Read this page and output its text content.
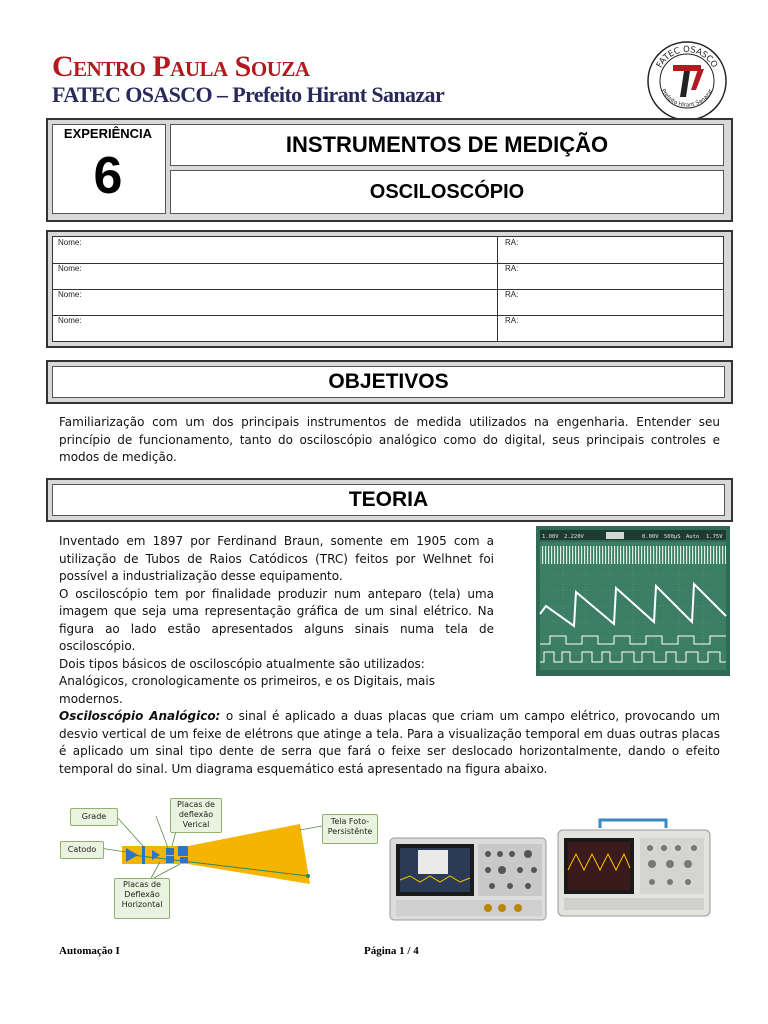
Centro Paula Souza
FATEC OSASCO – Prefeito Hirant Sanazar
FATEC OSASCO
Prefeito Hirant Sanazar
EXPERIÊNCIA
6
INSTRUMENTOS DE MEDIÇÃO
OSCILOSCÓPIO
Nome:	RA:
Nome:	RA:
Nome:	RA:
Nome:	RA:
OBJETIVOS
Familiarização com um dos principais instrumentos de medida utilizados na engenharia. Entender seu princípio de funcionamento, tanto do osciloscópio analógico como do digital, seus principais controles e modos de medição.
TEORIA
Inventado em 1897 por Ferdinand Braun, somente em 1905 com a utilização de Tubos de Raios Catódicos (TRC) feitos por Welhnet foi possível a industrialização desse equipamento.
O osciloscópio tem por finalidade produzir num anteparo (tela) uma imagem que seja uma representação gráfica de um sinal elétrico. Na figura ao lado estão apresentados alguns sinais numa tela de osciloscópio.
Dois tipos básicos de osciloscópio atualmente são utilizados: Analógicos, cronologicamente os primeiros, e os Digitais, mais modernos.
1.00V 2.220V	0.00V 500μS Auto 1.75V
Osciloscópio Analógico: o sinal é aplicado a duas placas que criam um campo elétrico, provocando um desvio vertical de um feixe de elétrons que atinge a tela. Para a visualização temporal em duas outras placas é aplicado um sinal tipo dente de serra que fará o feixe ser deslocado horizontalmente, dando o efeito temporal do sinal. Um diagrama esquemático está apresentado na figura abaixo.
Grade
Catodo
Placas de deflexão Verical	Tela Foto-Persistênte
Placas de Deflexão Horizontal
Automação I	Página 1 / 4
